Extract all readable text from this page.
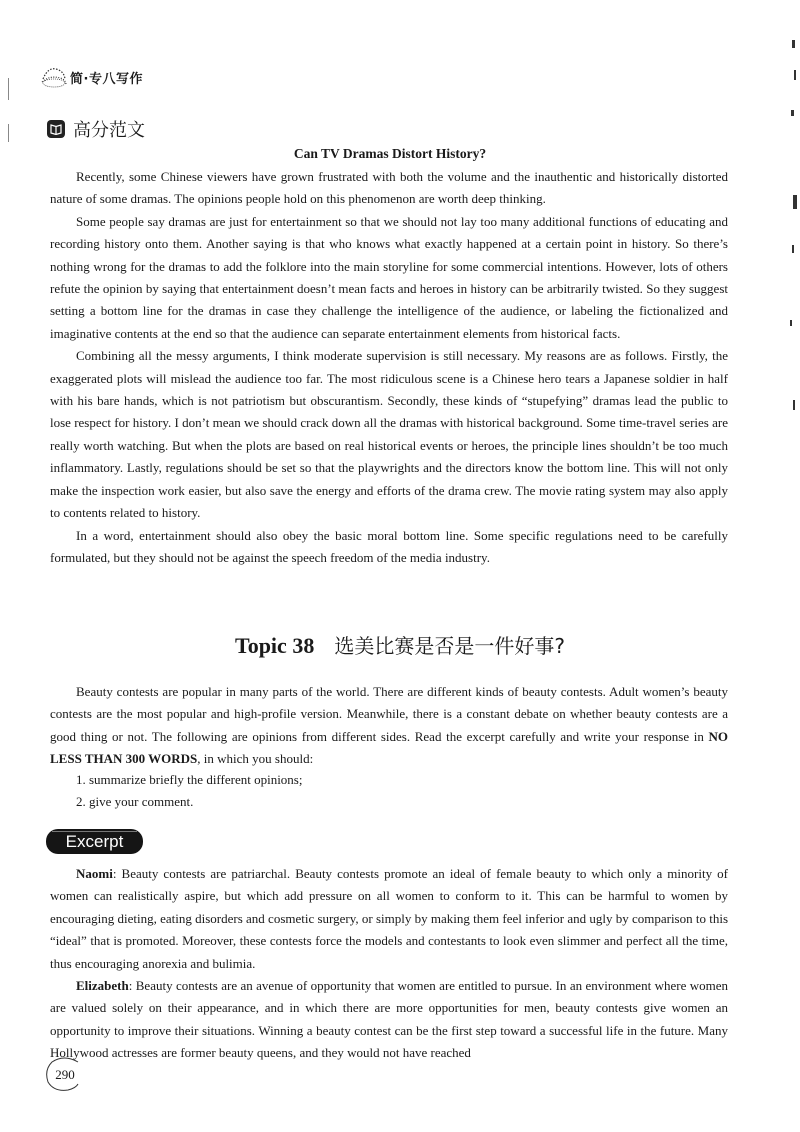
简·专八写作
高分范文
Can TV Dramas Distort History?

Recently, some Chinese viewers have grown frustrated with both the volume and the inauthentic and historically distorted nature of some dramas. The opinions people hold on this phenomenon are worth deep thinking.

Some people say dramas are just for entertainment so that we should not lay too many additional functions of educating and recording history onto them. Another saying is that who knows what exactly happened at a certain point in history. So there’s nothing wrong for the dramas to add the folklore into the main storyline for some commercial intentions. However, lots of others refute the opinion by saying that entertainment doesn’t mean facts and heroes in history can be arbitrarily twisted. So they suggest setting a bottom line for the dramas in case they challenge the intelligence of the audience, or labeling the fictionalized and imaginative contents at the end so that the audience can separate entertainment elements from historical facts.

Combining all the messy arguments, I think moderate supervision is still necessary. My reasons are as follows. Firstly, the exaggerated plots will mislead the audience too far. The most ridiculous scene is a Chinese hero tears a Japanese soldier in half with his bare hands, which is not patriotism but obscurantism. Secondly, these kinds of “stupefying” dramas lead the public to lose respect for history. I don’t mean we should crack down all the dramas with historical background. Some time-travel series are really worth watching. But when the plots are based on real historical events or heroes, the principle lines shouldn’t be too much inflammatory. Lastly, regulations should be set so that the playwrights and the directors know the bottom line. This will not only make the inspection work easier, but also save the energy and efforts of the drama crew. The movie rating system may also apply to contents related to history.

In a word, entertainment should also obey the basic moral bottom line. Some specific regulations need to be carefully formulated, but they should not be against the speech freedom of the media industry.

Topic 38 选美比赛是否是一件好事?

Beauty contests are popular in many parts of the world. There are different kinds of beauty contests. Adult women’s beauty contests are the most popular and high-profile version. Meanwhile, there is a constant debate on whether beauty contests are a good thing or not. The following are opinions from different sides. Read the excerpt carefully and write your response in NO LESS THAN 300 WORDS, in which you should:

1. summarize briefly the different opinions;
2. give your comment.
Excerpt

Naomi: Beauty contests are patriarchal. Beauty contests promote an ideal of female beauty to which only a minority of women can realistically aspire, but which add pressure on all women to conform to it. This can be harmful to women by encouraging dieting, eating disorders and cosmetic surgery, or simply by making them feel inferior and ugly by comparison to this “ideal” that is promoted. Moreover, these contests force the models and contestants to look even slimmer and perfect all the time, thus encouraging anorexia and bulimia.

Elizabeth: Beauty contests are an avenue of opportunity that women are entitled to pursue. In an environment where women are valued solely on their appearance, and in which there are more opportunities for men, beauty contests give women an opportunity to improve their situations. Winning a beauty contest can be the first step toward a successful life in the future. Many Hollywood actresses are former beauty queens, and they would not have reached

290
